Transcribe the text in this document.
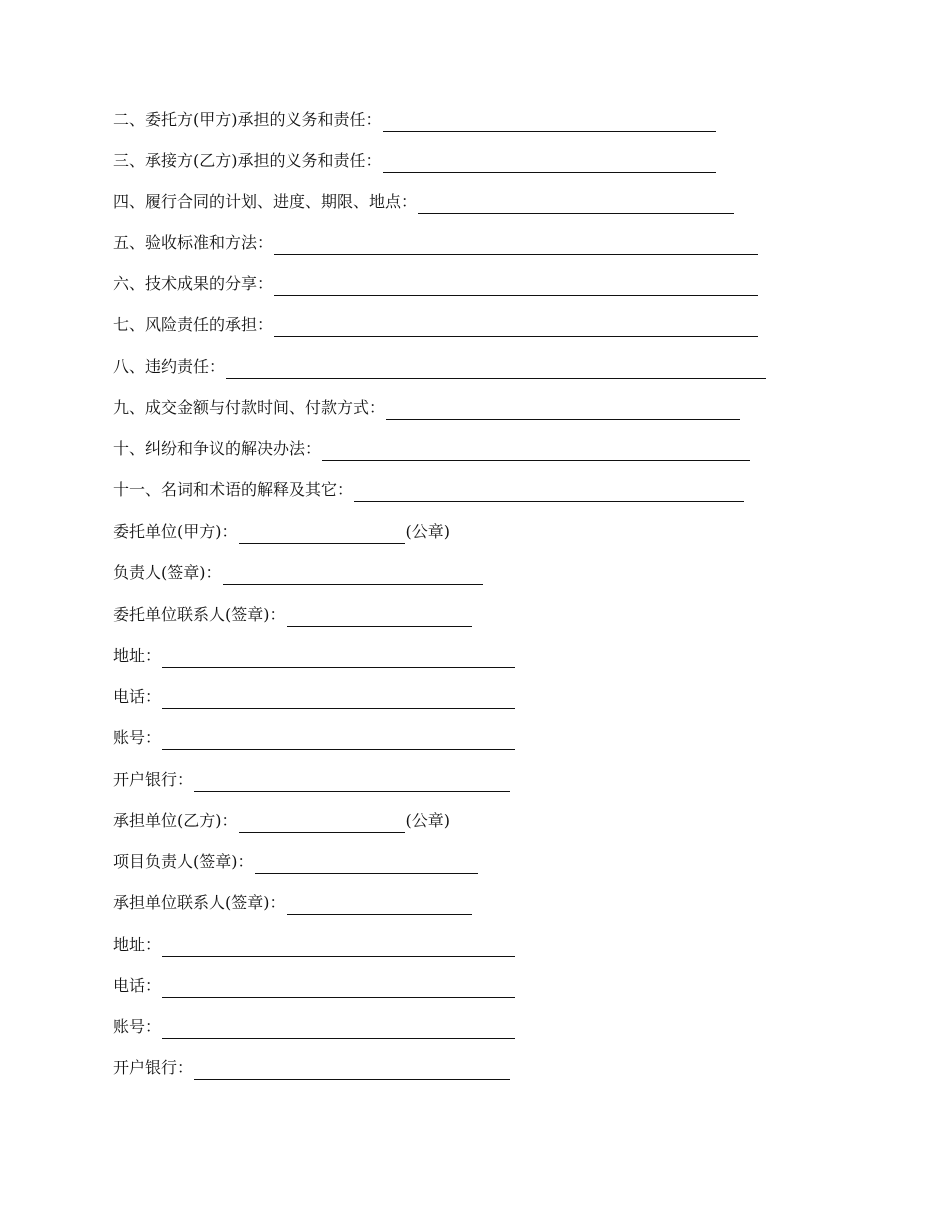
二、委托方(甲方)承担的义务和责任：
三、承接方(乙方)承担的义务和责任：
四、履行合同的计划、进度、期限、地点：
五、验收标准和方法：
六、技术成果的分享：
七、风险责任的承担：
八、违约责任：
九、成交金额与付款时间、付款方式：
十、纠纷和争议的解决办法：
十一、名词和术语的解释及其它：
委托单位(甲方)：	(公章)
负责人(签章)：
委托单位联系人(签章)：
地址：
电话：
账号：
开户银行：
承担单位(乙方)：	(公章)
项目负责人(签章)：
承担单位联系人(签章)：
地址：
电话：
账号：
开户银行：
